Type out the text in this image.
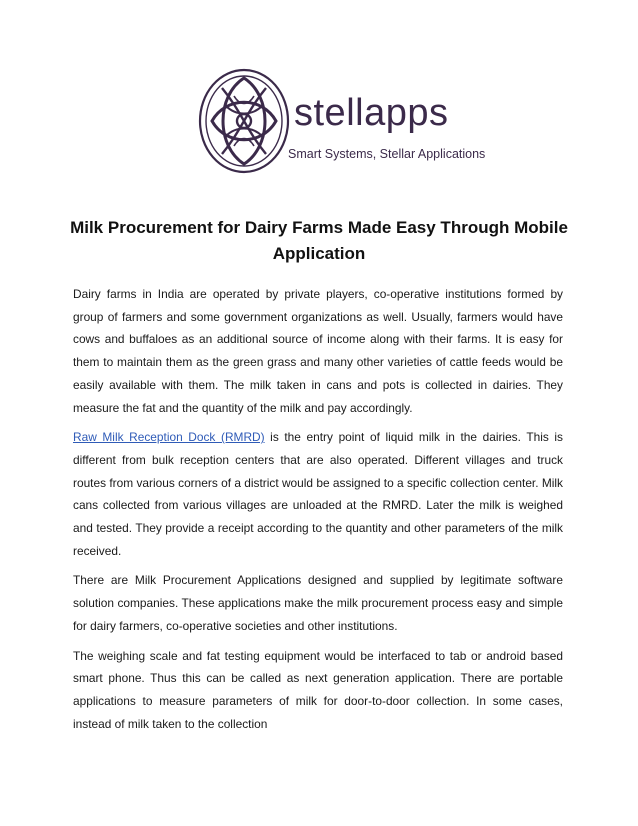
stellapps
Smart Systems, Stellar Applications
Milk Procurement for Dairy Farms Made Easy Through Mobile Application

Dairy farms in India are operated by private players, co-operative institutions formed by group of farmers and some government organizations as well. Usually, farmers would have cows and buffaloes as an additional source of income along with their farms. It is easy for them to maintain them as the green grass and many other varieties of cattle feeds would be easily available with them. The milk taken in cans and pots is collected in dairies. They measure the fat and the quantity of the milk and pay accordingly.

Raw Milk Reception Dock (RMRD) is the entry point of liquid milk in the dairies. This is different from bulk reception centers that are also operated. Different villages and truck routes from various corners of a district would be assigned to a specific collection center. Milk cans collected from various villages are unloaded at the RMRD. Later the milk is weighed and tested. They provide a receipt according to the quantity and other parameters of the milk received.

There are Milk Procurement Applications designed and supplied by legitimate software solution companies. These applications make the milk procurement process easy and simple for dairy farmers, co-operative societies and other institutions.

The weighing scale and fat testing equipment would be interfaced to tab or android based smart phone. Thus this can be called as next generation application. There are portable applications to measure parameters of milk for door-to-door collection. In some cases, instead of milk taken to the collection
